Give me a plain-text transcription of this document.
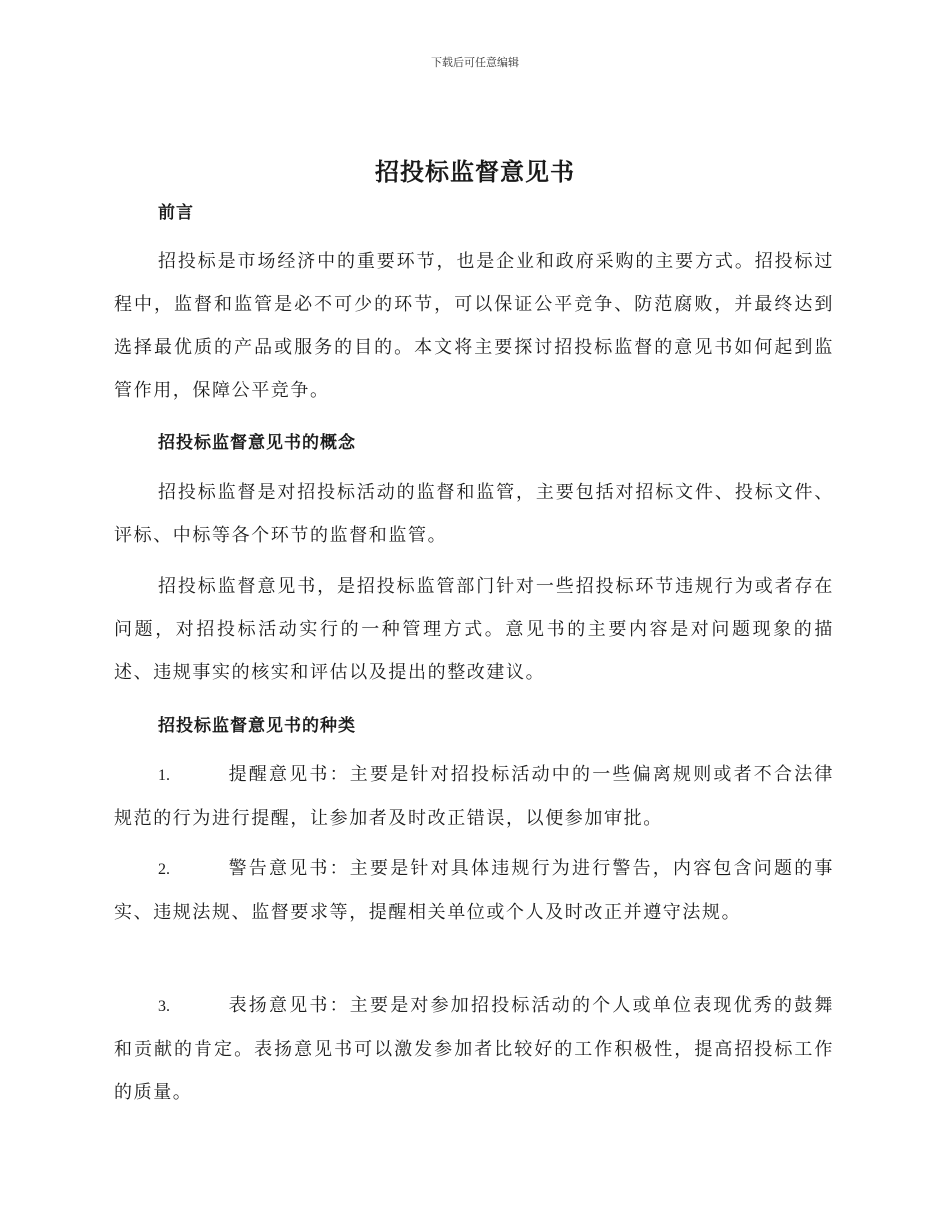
下载后可任意编辑
招投标监督意见书
前言
招投标是市场经济中的重要环节，也是企业和政府采购的主要方式。招投标过程中，监督和监管是必不可少的环节，可以保证公平竞争、防范腐败，并最终达到选择最优质的产品或服务的目的。本文将主要探讨招投标监督的意见书如何起到监管作用，保障公平竞争。
招投标监督意见书的概念
招投标监督是对招投标活动的监督和监管，主要包括对招标文件、投标文件、评标、中标等各个环节的监督和监管。
招投标监督意见书，是招投标监管部门针对一些招投标环节违规行为或者存在问题，对招投标活动实行的一种管理方式。意见书的主要内容是对问题现象的描述、违规事实的核实和评估以及提出的整改建议。
招投标监督意见书的种类
1.	提醒意见书：主要是针对招投标活动中的一些偏离规则或者不合法律规范的行为进行提醒，让参加者及时改正错误，以便参加审批。
2.	警告意见书：主要是针对具体违规行为进行警告，内容包含问题的事实、违规法规、监督要求等，提醒相关单位或个人及时改正并遵守法规。
3.	表扬意见书：主要是对参加招投标活动的个人或单位表现优秀的鼓舞和贡献的肯定。表扬意见书可以激发参加者比较好的工作积极性，提高招投标工作的质量。
